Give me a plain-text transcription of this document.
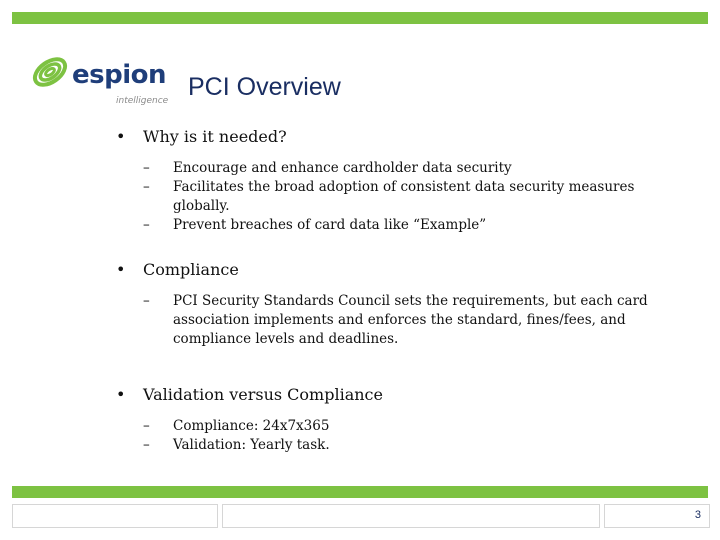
espion
intelligence PCI Overview
• Why is it needed?
– Encourage and enhance cardholder data security
– Facilitates the broad adoption of consistent data security measures globally.
– Prevent breaches of card data like “Example”
• Compliance
– PCI Security Standards Council sets the requirements, but each card association implements and enforces the standard, fines/fees, and compliance levels and deadlines.
• Validation versus Compliance
– Compliance: 24x7x365
– Validation: Yearly task.
3
